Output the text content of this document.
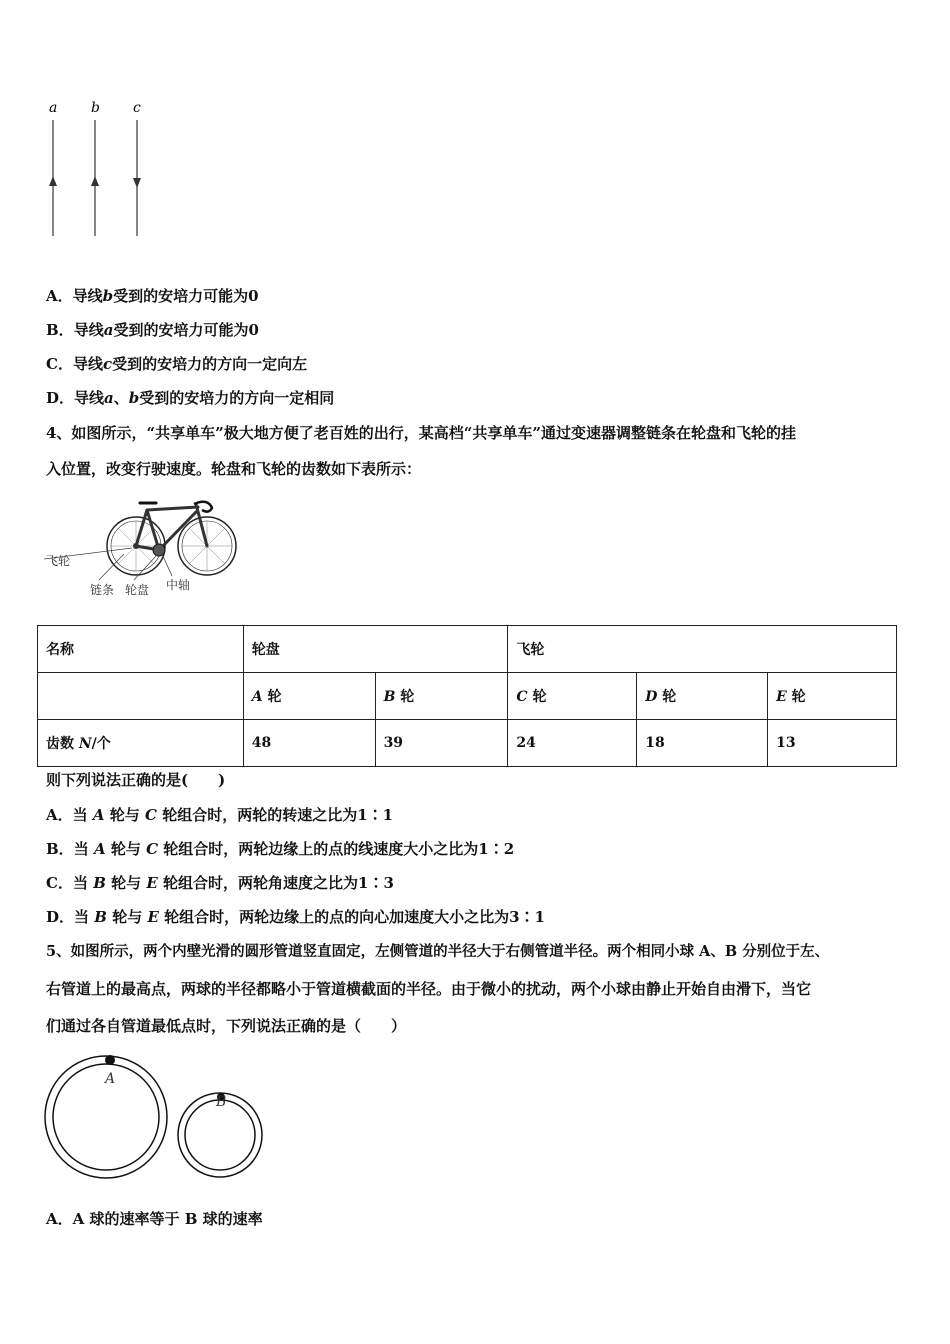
a b c
A．导线b受到的安培力可能为0
B．导线a受到的安培力可能为0
C．导线c受到的安培力的方向一定向左
D．导线a、b受到的安培力的方向一定相同
4、如图所示，“共享单车”极大地方便了老百姓的出行，某高档“共享单车”通过变速器调整链条在轮盘和飞轮的挂
入位置，改变行驶速度。轮盘和飞轮的齿数如下表所示：
飞轮
链条 轮盘 中轴
名称	轮盘		飞轮		
	A 轮	B 轮	C 轮	D 轮	E 轮
齿数 N/个	48	39	24	18	13
则下列说法正确的是(　　)
A．当 A 轮与 C 轮组合时，两轮的转速之比为1∶1
B．当 A 轮与 C 轮组合时，两轮边缘上的点的线速度大小之比为1∶2
C．当 B 轮与 E 轮组合时，两轮角速度之比为1∶3
D．当 B 轮与 E 轮组合时，两轮边缘上的点的向心加速度大小之比为3∶1
5、如图所示，两个内壁光滑的圆形管道竖直固定，左侧管道的半径大于右侧管道半径。两个相同小球 A、B 分别位于左、
右管道上的最高点，两球的半径都略小于管道横截面的半径。由于微小的扰动，两个小球由静止开始自由滑下，当它
们通过各自管道最低点时，下列说法正确的是（　　）
A
B
A．A 球的速率等于 B 球的速率
